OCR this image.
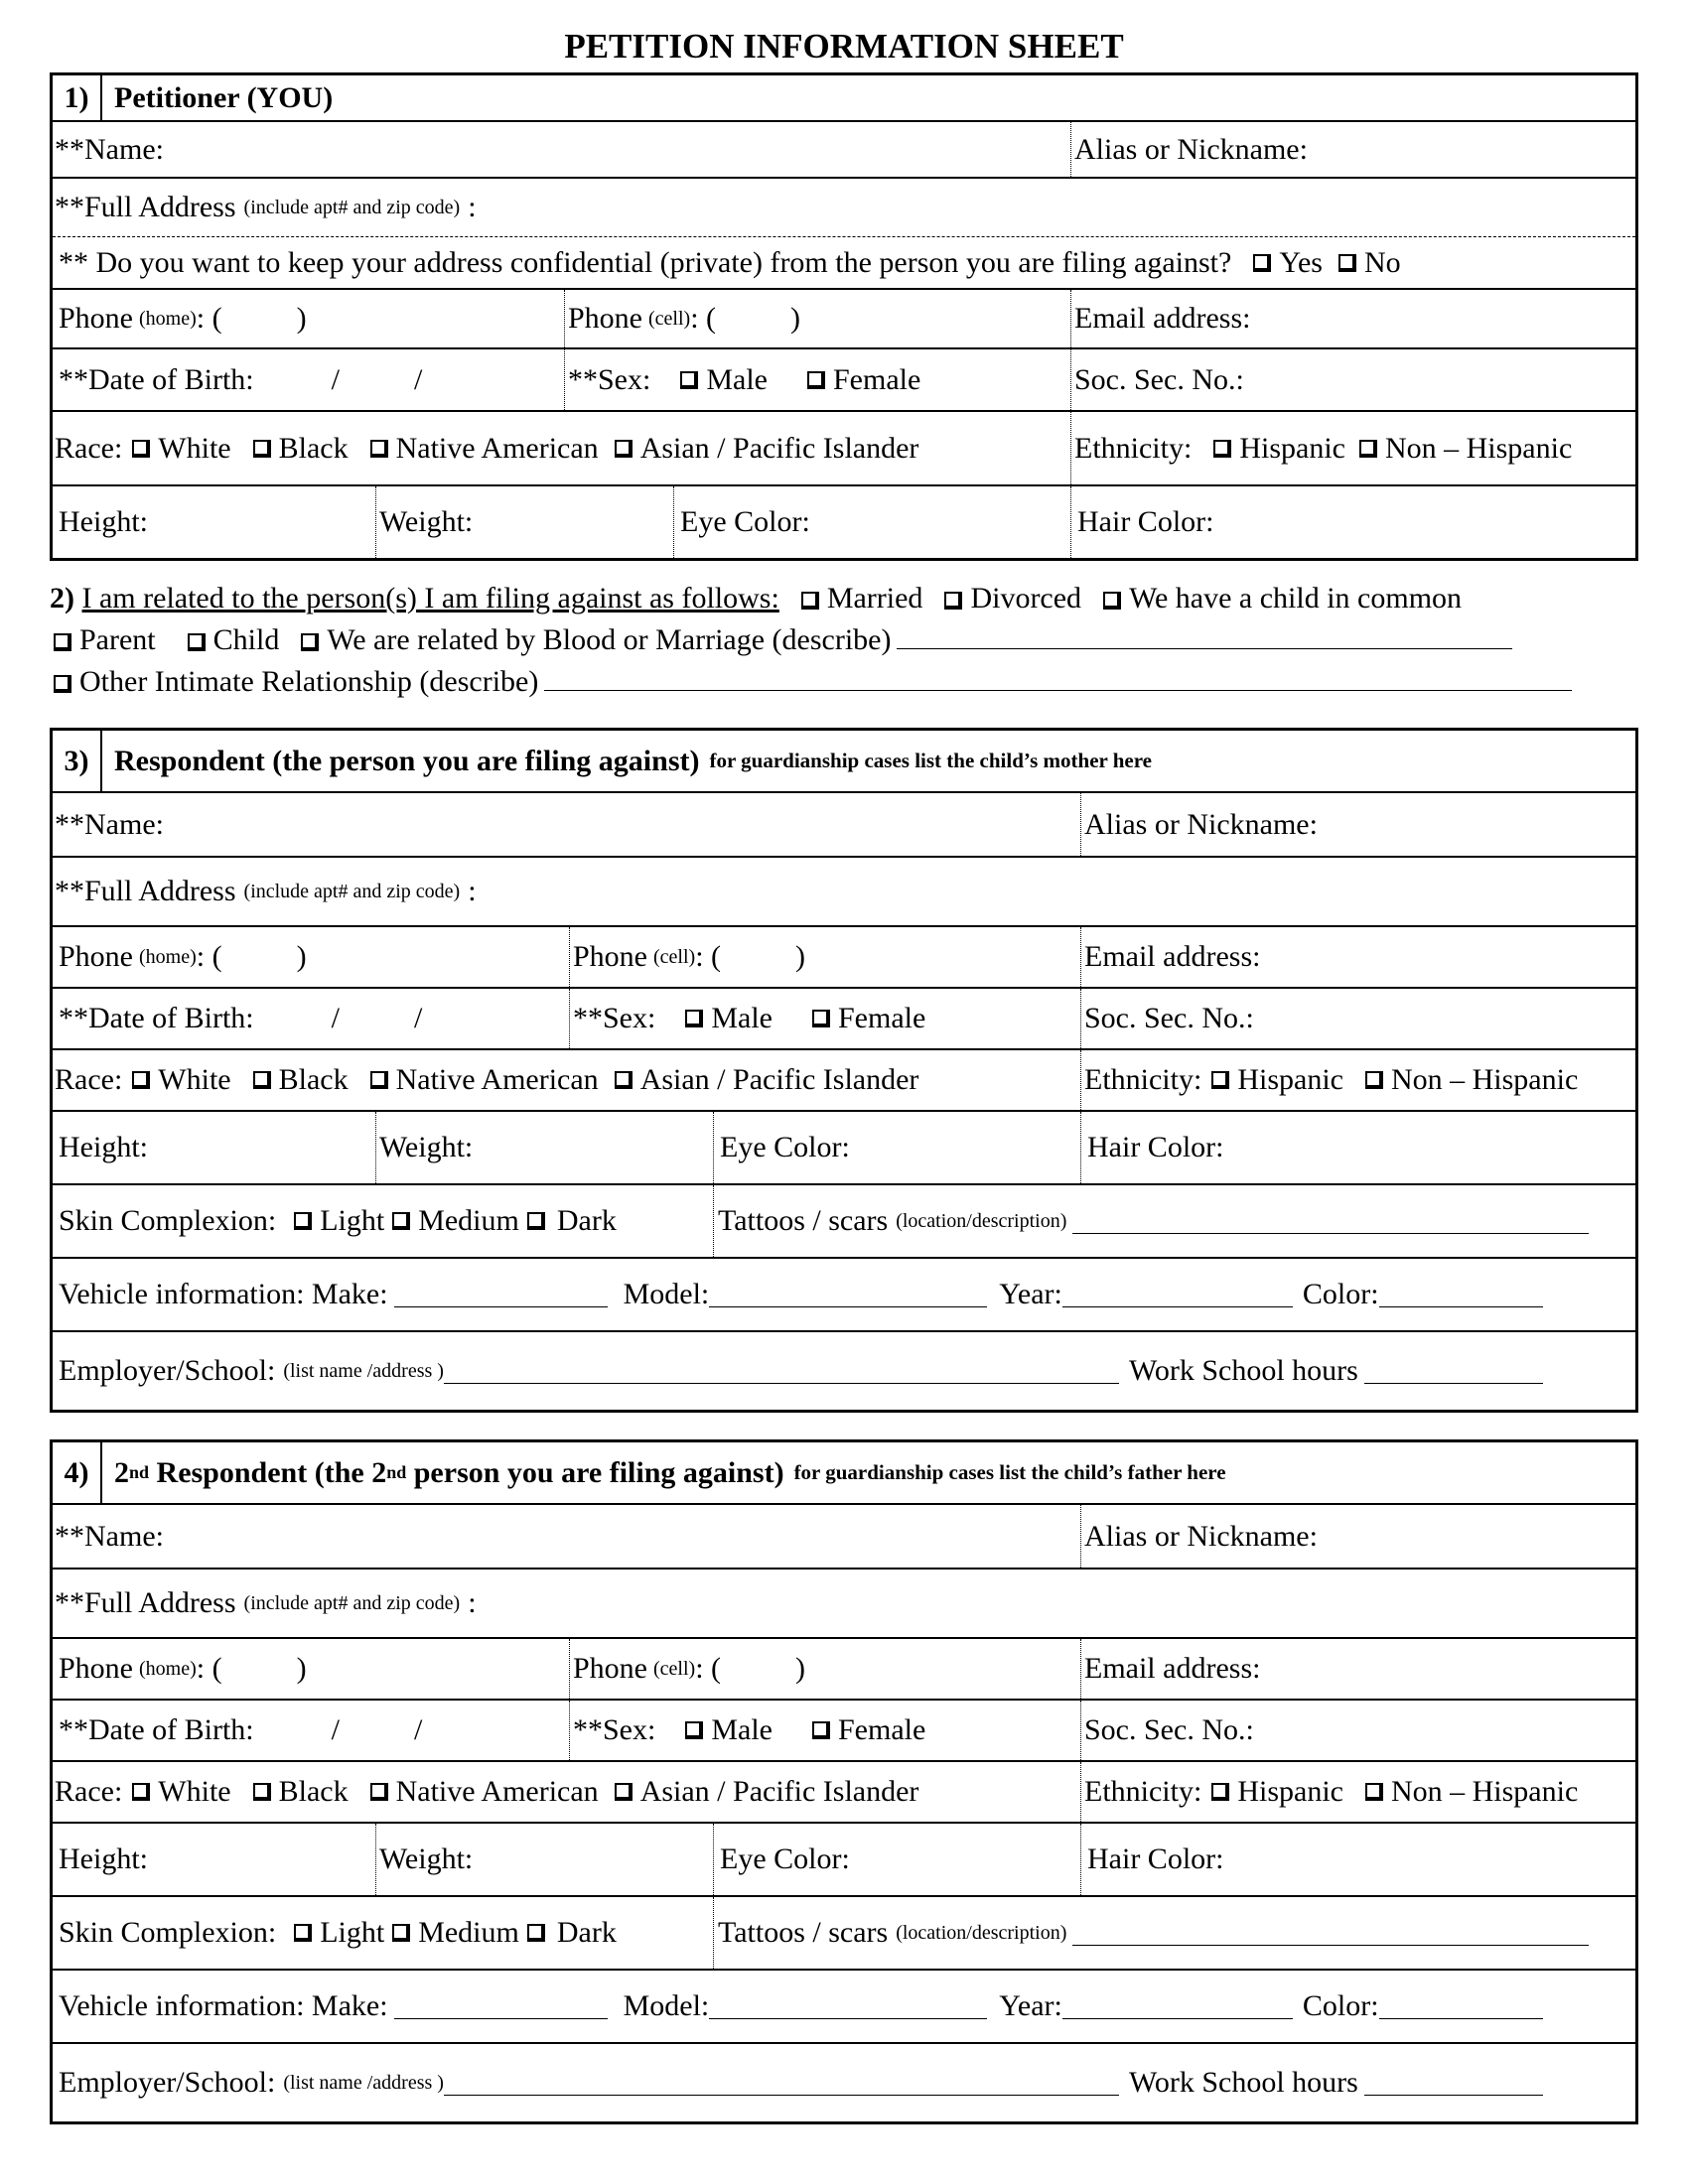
PETITION INFORMATION SHEET
1) Petitioner (YOU)
**Name:	Alias or Nickname:
**Full Address (include apt# and zip code) :
** Do you want to keep your address confidential (private) from the person you are filing against? Yes No
Phone (home) : (          )	Phone (cell) : (          )	Email address:
**Date of Birth:	/          /	**Sex: Male Female	Soc. Sec. No.:
Race: White Black Native American Asian / Pacific Islander	Ethnicity: Hispanic Non – Hispanic
Height:	Weight:	Eye Color:	Hair Color:
2) I am related to the person(s) I am filing against as follows: Married Divorced We have a child in common
Parent Child We are related by Blood or Marriage (describe)
Other Intimate Relationship (describe)
3) Respondent (the person you are filing against) for guardianship cases list the child’s mother here
**Name:	Alias or Nickname:
**Full Address (include apt# and zip code) :
Phone (home) : (          )	Phone (cell) : (          )	Email address:
**Date of Birth:	/          /	**Sex: Male Female	Soc. Sec. No.:
Race: White Black Native American Asian / Pacific Islander	Ethnicity: Hispanic Non – Hispanic
Height:	Weight:	Eye Color:	Hair Color:
Skin Complexion: Light Medium Dark	Tattoos / scars (location/description)
Vehicle information: Make:	Model:	Year:	Color:
Employer/School: (list name /address )	Work School hours
4) 2 nd Respondent (the 2 nd person you are filing against) for guardianship cases list the child’s father here
**Name:	Alias or Nickname:
**Full Address (include apt# and zip code) :
Phone (home) : (          )	Phone (cell) : (          )	Email address:
**Date of Birth:	/          /	**Sex: Male Female	Soc. Sec. No.:
Race: White Black Native American Asian / Pacific Islander	Ethnicity: Hispanic Non – Hispanic
Height:	Weight:	Eye Color:	Hair Color:
Skin Complexion: Light Medium Dark	Tattoos / scars (location/description)
Vehicle information: Make:	Model:	Year:	Color:
Employer/School: (list name /address )	Work School hours
